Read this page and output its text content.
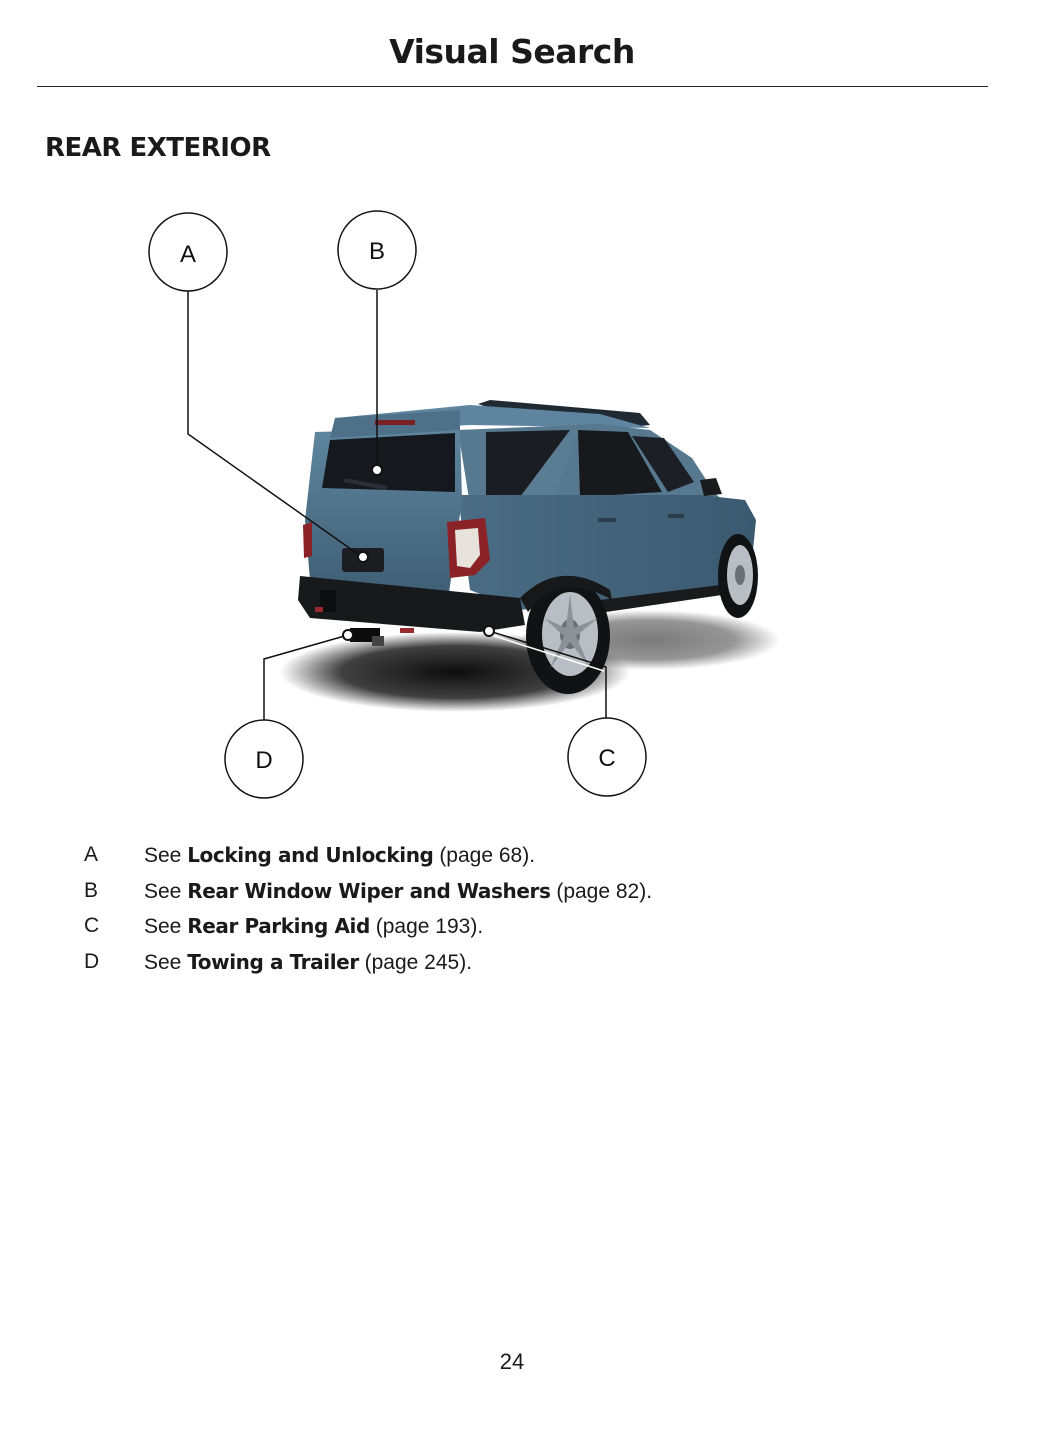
Visual Search
REAR EXTERIOR
A	B
C
D
A	See Locking and Unlocking (page 68).
B	See Rear Window Wiper and Washers (page 82).
C	See Rear Parking Aid (page 193).
D	See Towing a Trailer (page 245).
24
